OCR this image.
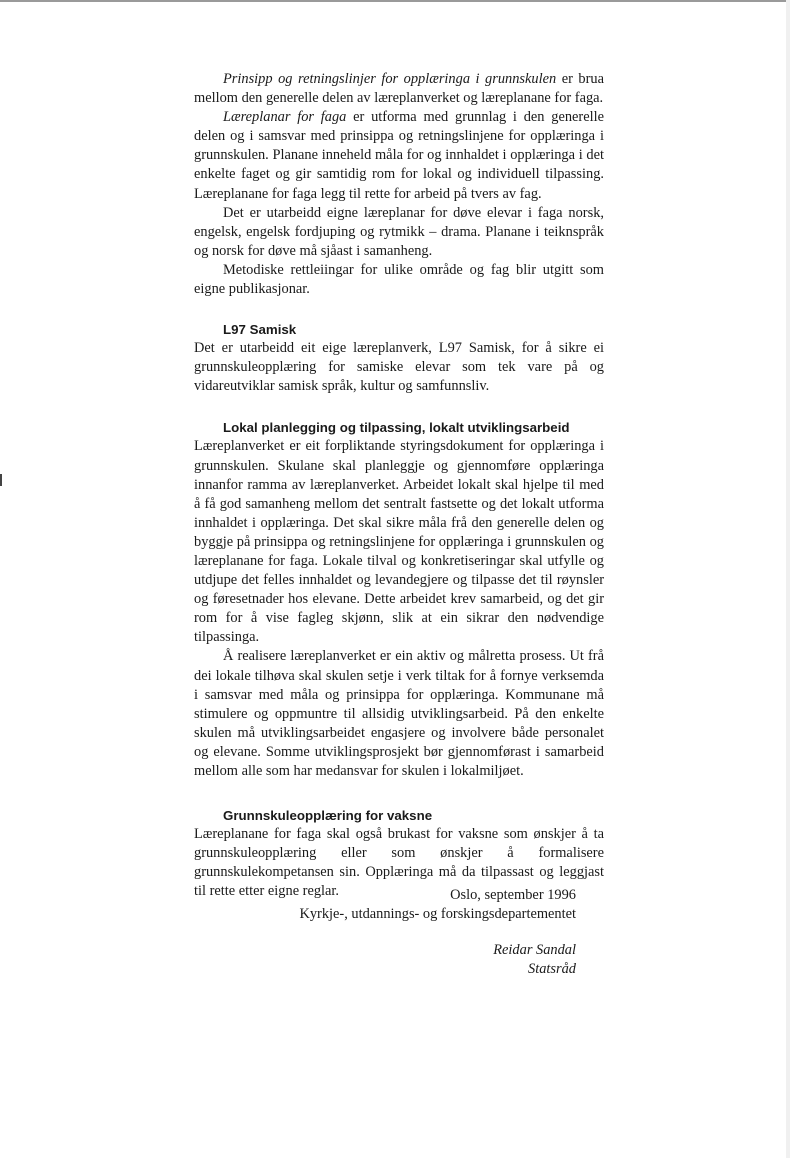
Prinsipp og retningslinjer for opplæringa i grunnskulen er brua mellom den generelle delen av læreplanverket og læreplanane for faga.

Læreplanar for faga er utforma med grunnlag i den generelle delen og i samsvar med prinsippa og retningslinjene for opplæringa i grunnskulen. Planane inneheld måla for og innhaldet i opplæringa i det enkelte faget og gir samtidig rom for lokal og individuell tilpassing. Læreplanane for faga legg til rette for arbeid på tvers av fag.

Det er utarbeidd eigne læreplanar for døve elevar i faga norsk, engelsk, engelsk fordjuping og rytmikk – drama. Planane i teiknspråk og norsk for døve må sjåast i samanheng.

Metodiske rettleiingar for ulike område og fag blir utgitt som eigne publikasjonar.

L97 Samisk

Det er utarbeidd eit eige læreplanverk, L97 Samisk, for å sikre ei grunnskuleopplæring for samiske elevar som tek vare på og vidareutviklar samisk språk, kultur og samfunnsliv.

Lokal planlegging og tilpassing, lokalt utviklingsarbeid

Læreplanverket er eit forpliktande styringsdokument for opplæringa i grunnskulen. Skulane skal planleggje og gjennomføre opplæringa innanfor ramma av læreplanverket. Arbeidet lokalt skal hjelpe til med å få god samanheng mellom det sentralt fastsette og det lokalt utforma innhaldet i opplæringa. Det skal sikre måla frå den generelle delen og byggje på prinsippa og retningslinjene for opplæringa i grunnskulen og læreplanane for faga. Lokale tilval og konkretiseringar skal utfylle og utdjupe det felles innhaldet og levandegjere og tilpasse det til røynsler og føresetnader hos elevane. Dette arbeidet krev samarbeid, og det gir rom for å vise fagleg skjønn, slik at ein sikrar den nødvendige tilpassinga.

Å realisere læreplanverket er ein aktiv og målretta prosess. Ut frå dei lokale tilhøva skal skulen setje i verk tiltak for å fornye verksemda i samsvar med måla og prinsippa for opplæringa. Kommunane må stimulere og oppmuntre til allsidig utviklingsarbeid. På den enkelte skulen må utviklingsarbeidet engasjere og involvere både personalet og elevane. Somme utviklingsprosjekt bør gjennomførast i samarbeid mellom alle som har medansvar for skulen i lokalmiljøet.

Grunnskuleopplæring for vaksne

Læreplanane for faga skal også brukast for vaksne som ønskjer å ta grunnskuleopplæring eller som ønskjer å formalisere grunnskulekompetansen sin. Opplæringa må da tilpassast og leggjast til rette etter eigne reglar.	Oslo, september 1996
Kyrkje-, utdannings- og forskingsdepartementet
Reidar Sandal
Statsråd
